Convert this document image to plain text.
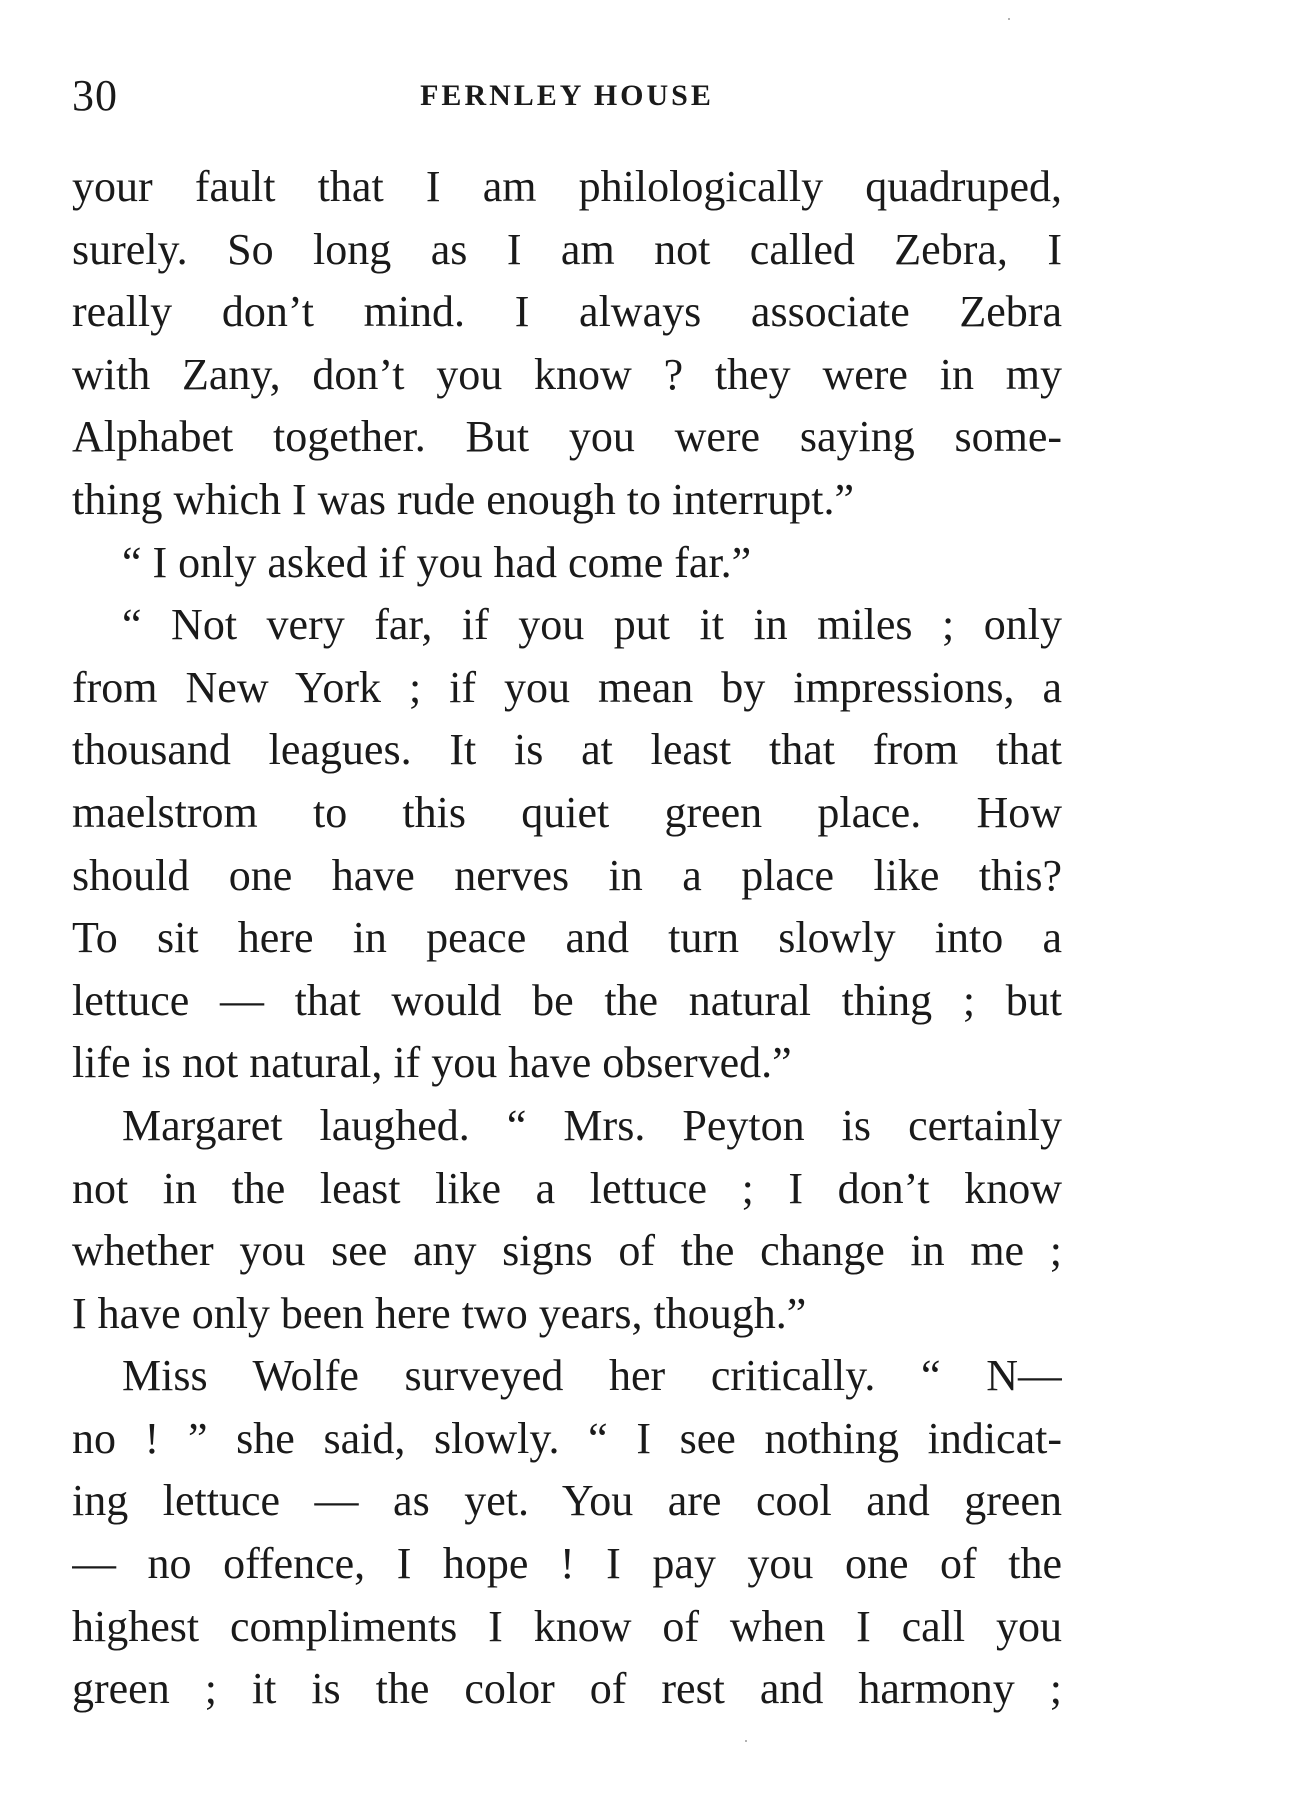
30	FERNLEY HOUSE
your fault that I am philologically quadruped,
surely. So long as I am not called Zebra, I
really don’t mind. I always associate Zebra
with Zany, don’t you know ? they were in my
Alphabet together. But you were saying some-
thing which I was rude enough to interrupt.”
“ I only asked if you had come far.”
“ Not very far, if you put it in miles ; only
from New York ; if you mean by impressions, a
thousand leagues. It is at least that from that
maelstrom to this quiet green place. How
should one have nerves in a place like this?
To sit here in peace and turn slowly into a
lettuce — that would be the natural thing ; but
life is not natural, if you have observed.”
Margaret laughed. “ Mrs. Peyton is certainly
not in the least like a lettuce ; I don’t know
whether you see any signs of the change in me ;
I have only been here two years, though.”
Miss Wolfe surveyed her critically. “ N—
no ! ” she said, slowly. “ I see nothing indicat-
ing lettuce — as yet. You are cool and green
— no offence, I hope ! I pay you one of the
highest compliments I know of when I call you
green ; it is the color of rest and harmony ;
